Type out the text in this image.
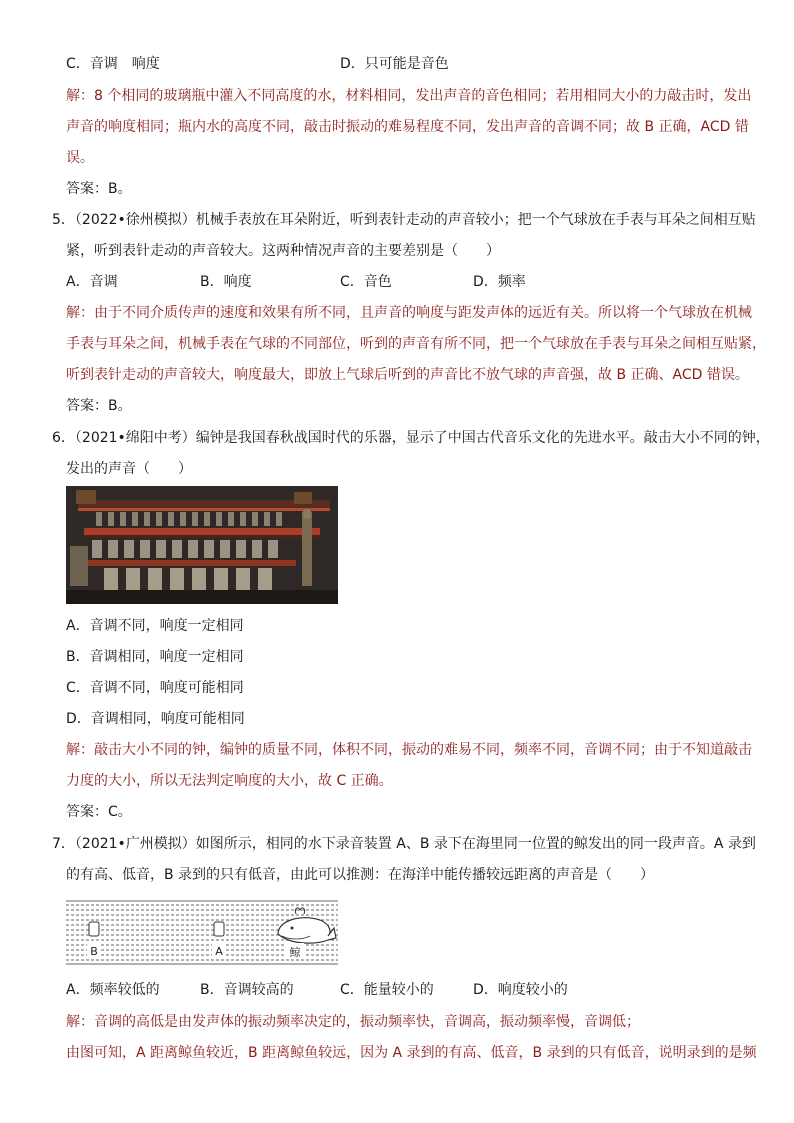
C．音调　响度	D．只可能是音色
解：8 个相同的玻璃瓶中灌入不同高度的水，材料相同，发出声音的音色相同；若用相同大小的力敲击时，发出
声音的响度相同；瓶内水的高度不同，敲击时振动的难易程度不同，发出声音的音调不同；故 B 正确，ACD 错
误。
答案：B。
5．（2022•徐州模拟）机械手表放在耳朵附近，听到表针走动的声音较小；把一个气球放在手表与耳朵之间相互贴
紧，听到表针走动的声音较大。这两种情况声音的主要差别是（　　）
A．音调	B．响度	C．音色	D．频率
解：由于不同介质传声的速度和效果有所不同，且声音的响度与距发声体的远近有关。所以将一个气球放在机械
手表与耳朵之间，机械手表在气球的不同部位，听到的声音有所不同，把一个气球放在手表与耳朵之间相互贴紧，
听到表针走动的声音较大，响度最大，即放上气球后听到的声音比不放气球的声音强，故 B 正确、ACD 错误。
答案：B。
6．（2021•绵阳中考）编钟是我国春秋战国时代的乐器，显示了中国古代音乐文化的先进水平。敲击大小不同的钟，
发出的声音（　　）
A．音调不同，响度一定相同
B．音调相同，响度一定相同
C．音调不同，响度可能相同
D．音调相同，响度可能相同
解：敲击大小不同的钟，编钟的质量不同，体积不同，振动的难易不同，频率不同，音调不同；由于不知道敲击
力度的大小，所以无法判定响度的大小，故 C 正确。
答案：C。
7．（2021•广州模拟）如图所示，相同的水下录音装置 A、B 录下在海里同一位置的鲸发出的同一段声音。A 录到
的有高、低音，B 录到的只有低音，由此可以推测：在海洋中能传播较远距离的声音是（　　）
B	A	鲸
A．频率较低的	B．音调较高的	C．能量较小的	D．响度较小的
解：音调的高低是由发声体的振动频率决定的，振动频率快，音调高，振动频率慢，音调低；
由图可知，A 距离鲸鱼较近，B 距离鲸鱼较远，因为 A 录到的有高、低音，B 录到的只有低音，说明录到的是频
